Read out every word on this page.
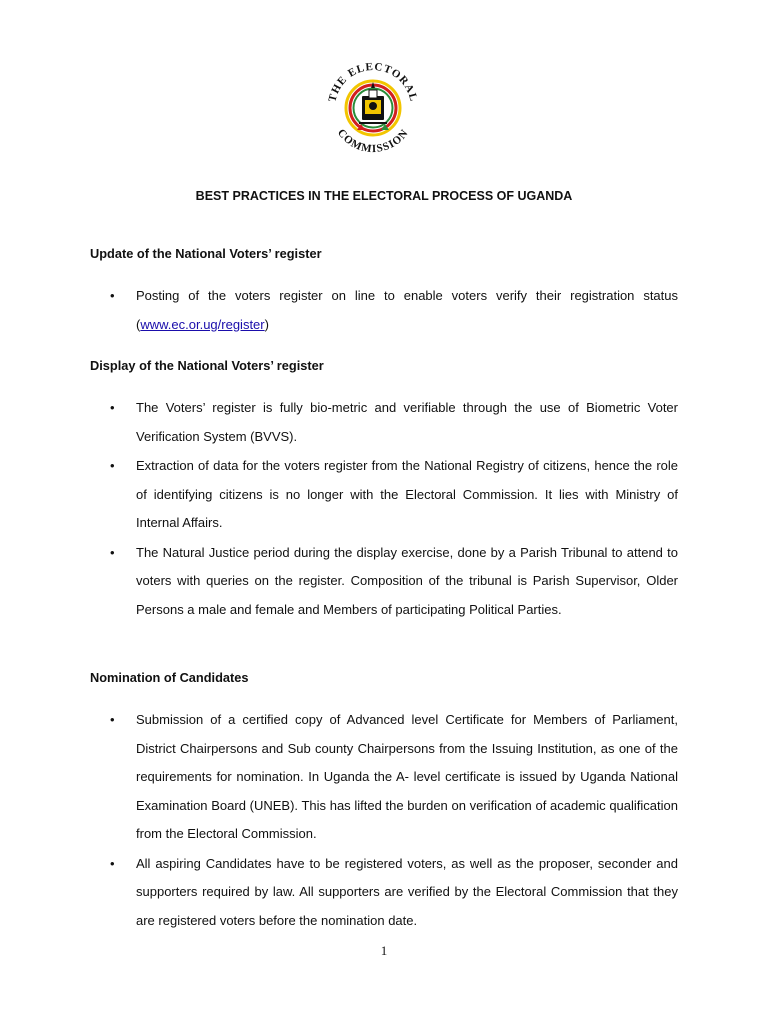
THE ELECTORAL
COMMISSION
BEST PRACTICES IN THE ELECTORAL PROCESS OF UGANDA
Update of the National Voters’ register
• Posting of the voters register on line to enable voters verify their registration status (www.ec.or.ug/register)
Display of the National Voters’ register
• The Voters’ register is fully bio-metric and verifiable through the use of Biometric Voter Verification System (BVVS).
• Extraction of data for the voters register from the National Registry of citizens, hence the role of identifying citizens is no longer with the Electoral Commission. It lies with Ministry of Internal Affairs.
• The Natural Justice period during the display exercise, done by a Parish Tribunal to attend to voters with queries on the register. Composition of the tribunal is Parish Supervisor, Older Persons a male and female and Members of participating Political Parties.
Nomination of Candidates
• Submission of a certified copy of Advanced level Certificate for Members of Parliament, District Chairpersons and Sub county Chairpersons from the Issuing Institution, as one of the requirements for nomination. In Uganda the A- level certificate is issued by Uganda National Examination Board (UNEB). This has lifted the burden on verification of academic qualification from the Electoral Commission.
• All aspiring Candidates have to be registered voters, as well as the proposer, seconder and supporters required by law. All supporters are verified by the Electoral Commission that they are registered voters before the nomination date.
1
